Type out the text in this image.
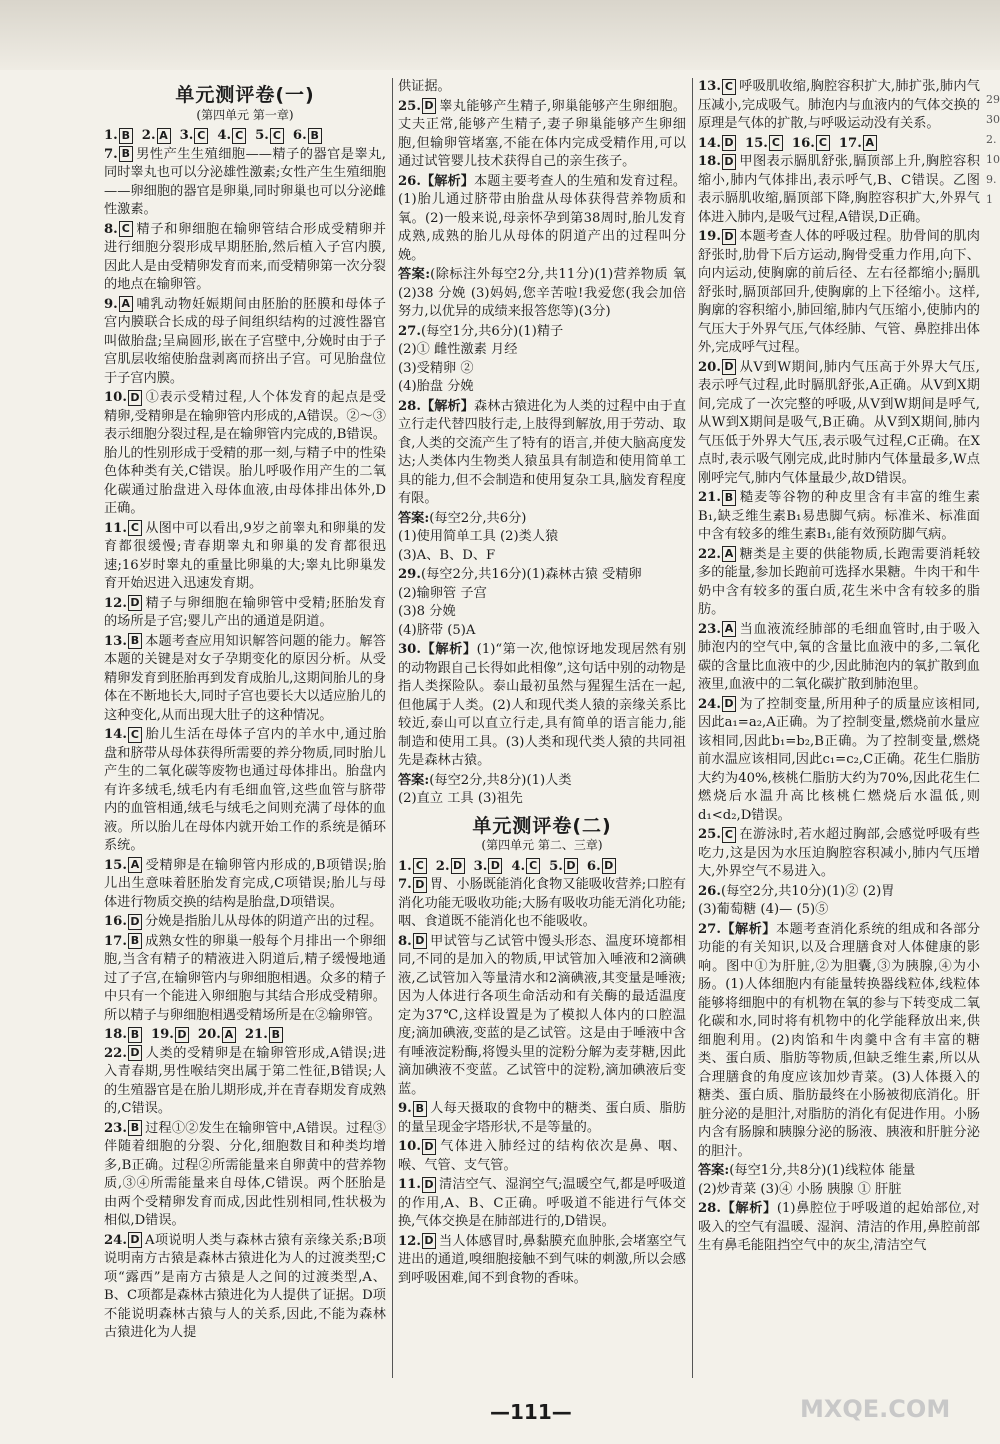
单元测评卷(一)
(第四单元 第一章)
1. B 2. A 3. C 4. C 5. C 6. B
7. B 男性产生生殖细胞——精子的器官是睾丸,同时睾丸也可以分泌雄性激素;女性产生生殖细胞——卵细胞的器官是卵巢,同时卵巢也可以分泌雌性激素。
8. C 精子和卵细胞在输卵管结合形成受精卵并进行细胞分裂形成早期胚胎,然后植入子宫内膜,因此人是由受精卵发育而来,而受精卵第一次分裂的地点在输卵管。
9. A 哺乳动物妊娠期间由胚胎的胚膜和母体子宫内膜联合长成的母子间组织结构的过渡性器官叫做胎盘;呈扁圆形,嵌在子宫壁中,分娩时由于子宫肌层收缩使胎盘剥离而挤出子宫。可见胎盘位于子宫内膜。
10. D ①表示受精过程,人个体发育的起点是受精卵,受精卵是在输卵管内形成的,A错误。②～③表示细胞分裂过程,是在输卵管内完成的,B错误。胎儿的性别形成于受精的那一刻,与精子中的性染色体种类有关,C错误。胎儿呼吸作用产生的二氧化碳通过胎盘进入母体血液,由母体排出体外,D正确。
11. C 从图中可以看出,9岁之前睾丸和卵巢的发育都很缓慢;青春期睾丸和卵巢的发育都很迅速;16岁时睾丸的重量比卵巢的大;睾丸比卵巢发育开始迟进入迅速发育期。
12. D 精子与卵细胞在输卵管中受精;胚胎发育的场所是子宫;婴儿产出的通道是阴道。
13. B 本题考查应用知识解答问题的能力。解答本题的关键是对女子孕期变化的原因分析。从受精卵发育到胚胎再到发育成胎儿,这期间胎儿的身体在不断地长大,同时子宫也要长大以适应胎儿的这种变化,从而出现大肚子的这种情况。
14. C 胎儿生活在母体子宫内的羊水中,通过胎盘和脐带从母体获得所需要的养分物质,同时胎儿产生的二氧化碳等废物也通过母体排出。胎盘内有许多绒毛,绒毛内有毛细血管,这些血管与脐带内的血管相通,绒毛与绒毛之间则充满了母体的血液。所以胎儿在母体内就开始工作的系统是循环系统。
15. A 受精卵是在输卵管内形成的,B项错误;胎儿出生意味着胚胎发育完成,C项错误;胎儿与母体进行物质交换的结构是胎盘,D项错误。
16. D 分娩是指胎儿从母体的阴道产出的过程。
17. B 成熟女性的卵巢一般每个月排出一个卵细胞,当含有精子的精液进入阴道后,精子缓慢地通过了子宫,在输卵管内与卵细胞相遇。众多的精子中只有一个能进入卵细胞与其结合形成受精卵。所以精子与卵细胞相遇受精场所是在②输卵管。
18. B 19. D 20. A 21. B
22. D 人类的受精卵是在输卵管形成,A错误;进入青春期,男性喉结突出属于第二性征,B错误;人的生殖器官是在胎儿期形成,并在青春期发育成熟的,C错误。
23. B 过程①②发生在输卵管中,A错误。过程③伴随着细胞的分裂、分化,细胞数目和种类均增多,B正确。过程②所需能量来自卵黄中的营养物质,③④所需能量来自母体,C错误。两个胚胎是由两个受精卵发育而成,因此性别相同,性状极为相似,D错误。
24. D A项说明人类与森林古猿有亲缘关系;B项说明南方古猿是森林古猿进化为人的过渡类型;C项“露西”是南方古猿是人之间的过渡类型,A、B、C项都是森林古猿进化为人提供了证据。D项不能说明森林古猿与人的关系,因此,不能为森林古猿进化为人提
供证据。
25. D 睾丸能够产生精子,卵巢能够产生卵细胞。丈夫正常,能够产生精子,妻子卵巢能够产生卵细胞,但输卵管堵塞,不能在体内完成受精作用,可以通过试管婴儿技术获得自己的亲生孩子。
26.【解析】本题主要考查人的生殖和发育过程。(1)胎儿通过脐带由胎盘从母体获得营养物质和氧。(2)一般来说,母亲怀孕到第38周时,胎儿发育成熟,成熟的胎儿从母体的阴道产出的过程叫分娩。
答案:(除标注外每空2分,共11分)(1)营养物质 氧 (2)38 分娩 (3)妈妈,您辛苦啦!我爱您(我会加倍努力,以优异的成绩来报答您等)(3分)
27.(每空1分,共6分)(1)精子
(2)① 雌性激素 月经
(3)受精卵 ②
(4)胎盘 分娩
28.【解析】森林古猿进化为人类的过程中由于直立行走代替四肢行走,上肢得到解放,用于劳动、取食,人类的交流产生了特有的语言,并使大脑高度发达;人类体内生物类人猿虽具有制造和使用简单工具的能力,但不会制造和使用复杂工具,脑发育程度有限。
答案:(每空2分,共6分)
(1)使用简单工具 (2)类人猿
(3)A、B、D、F
29.(每空2分,共16分)(1)森林古猿 受精卵
(2)输卵管 子宫
(3)8 分娩
(4)脐带 (5)A
30.【解析】(1)“第一次,他惊讶地发现居然有别的动物跟自己长得如此相像”,这句话中别的动物是指人类探险队。泰山最初虽然与猩猩生活在一起,但他属于人类。(2)人和现代类人猿的亲缘关系比较近,泰山可以直立行走,具有简单的语言能力,能制造和使用工具。(3)人类和现代类人猿的共同祖先是森林古猿。
答案:(每空2分,共8分)(1)人类
(2)直立 工具 (3)祖先
单元测评卷(二)
(第四单元 第二、三章)
1. C 2. D 3. D 4. C 5. D 6. D
7. D 胃、小肠既能消化食物又能吸收营养;口腔有消化功能无吸收功能;大肠有吸收功能无消化功能;咽、食道既不能消化也不能吸收。
8. D 甲试管与乙试管中馒头形态、温度环境都相同,不同的是加入的物质,甲试管加入唾液和2滴碘液,乙试管加入等量清水和2滴碘液,其变量是唾液;因为人体进行各项生命活动和有关酶的最适温度定为37℃,这样设置是为了模拟人体内的口腔温度;滴加碘液,变蓝的是乙试管。这是由于唾液中含有唾液淀粉酶,将馒头里的淀粉分解为麦芽糖,因此滴加碘液不变蓝。乙试管中的淀粉,滴加碘液后变蓝。
9. B 人每天摄取的食物中的糖类、蛋白质、脂肪的量呈现金字塔形状,不是等量的。
10. D 气体进入肺经过的结构依次是鼻、咽、喉、气管、支气管。
11. D 清洁空气、湿润空气;温暖空气,都是呼吸道的作用,A、B、C正确。呼吸道不能进行气体交换,气体交换是在肺部进行的,D错误。
12. D 当人体感冒时,鼻黏膜充血肿胀,会堵塞空气进出的通道,嗅细胞接触不到气味的刺激,所以会感到呼吸困难,闻不到食物的香味。
13. C 呼吸肌收缩,胸腔容积扩大,肺扩张,肺内气压减小,完成吸气。肺泡内与血液内的气体交换的原理是气体的扩散,与呼吸运动没有关系。
14. D 15. C 16. C 17. A
18. D 甲图表示膈肌舒张,膈顶部上升,胸腔容积缩小,肺内气体排出,表示呼气,B、C错误。乙图表示膈肌收缩,膈顶部下降,胸腔容积扩大,外界气体进入肺内,是吸气过程,A错误,D正确。
19. D 本题考查人体的呼吸过程。肋骨间的肌肉舒张时,肋骨下后方运动,胸骨受重力作用,向下、向内运动,使胸廓的前后径、左右径都缩小;膈肌舒张时,膈顶部回升,使胸廓的上下径缩小。这样,胸廓的容积缩小,肺回缩,肺内气压缩小,使肺内的气压大于外界气压,气体经肺、气管、鼻腔排出体外,完成呼气过程。
20. D 从V到W期间,肺内气压高于外界大气压,表示呼气过程,此时膈肌舒张,A正确。从V到X期间,完成了一次完整的呼吸,从V到W期间是呼气,从W到X期间是吸气,B正确。从V到X期间,肺内气压低于外界大气压,表示吸气过程,C正确。在X点时,表示吸气刚完成,此时肺内气体量最多,W点刚呼完气,肺内气体量最少,故D错误。
21. B 糙麦等谷物的种皮里含有丰富的维生素B₁,缺乏维生素B₁易患脚气病。标准米、标准面中含有较多的维生素B₁,能有效预防脚气病。
22. A 糖类是主要的供能物质,长跑需要消耗较多的能量,参加长跑前可选择水果糖。牛肉干和牛奶中含有较多的蛋白质,花生米中含有较多的脂肪。
23. A 当血液流经肺部的毛细血管时,由于吸入肺泡内的空气中,氧的含量比血液中的多,二氧化碳的含量比血液中的少,因此肺泡内的氧扩散到血液里,血液中的二氧化碳扩散到肺泡里。
24. D 为了控制变量,所用种子的质量应该相同,因此a₁=a₂,A正确。为了控制变量,燃烧前水量应该相同,因此b₁=b₂,B正确。为了控制变量,燃烧前水温应该相同,因此c₁=c₂,C正确。花生仁脂肪大约为40%,核桃仁脂肪大约为70%,因此花生仁燃烧后水温升高比核桃仁燃烧后水温低,则d₁<d₂,D错误。
25. C 在游泳时,若水超过胸部,会感觉呼吸有些吃力,这是因为水压迫胸腔容积减小,肺内气压增大,外界空气不易进入。
26.(每空2分,共10分)(1)② (2)胃
(3)葡萄糖 (4)— (5)⑤
27.【解析】本题考查消化系统的组成和各部分功能的有关知识,以及合理膳食对人体健康的影响。图中①为肝脏,②为胆囊,③为胰腺,④为小肠。(1)人体细胞内有能量转换器线粒体,线粒体能够将细胞中的有机物在氧的参与下转变成二氧化碳和水,同时将有机物中的化学能释放出来,供细胞利用。(2)肉馅和牛肉羹中含有丰富的糖类、蛋白质、脂肪等物质,但缺乏维生素,所以从合理膳食的角度应该加炒青菜。(3)人体摄入的糖类、蛋白质、脂肪最终在小肠被彻底消化。肝脏分泌的是胆汁,对脂肪的消化有促进作用。小肠内含有肠腺和胰腺分泌的肠液、胰液和肝脏分泌的胆汁。
答案:(每空1分,共8分)(1)线粒体 能量
(2)炒青菜 (3)④ 小肠 胰腺 ① 肝脏
28.【解析】(1)鼻腔位于呼吸道的起始部位,对吸入的空气有温暖、湿润、清洁的作用,鼻腔前部生有鼻毛能阻挡空气中的灰尘,清洁空气
29
30
2.
10
9.
1
—111—	MXQE.COM
